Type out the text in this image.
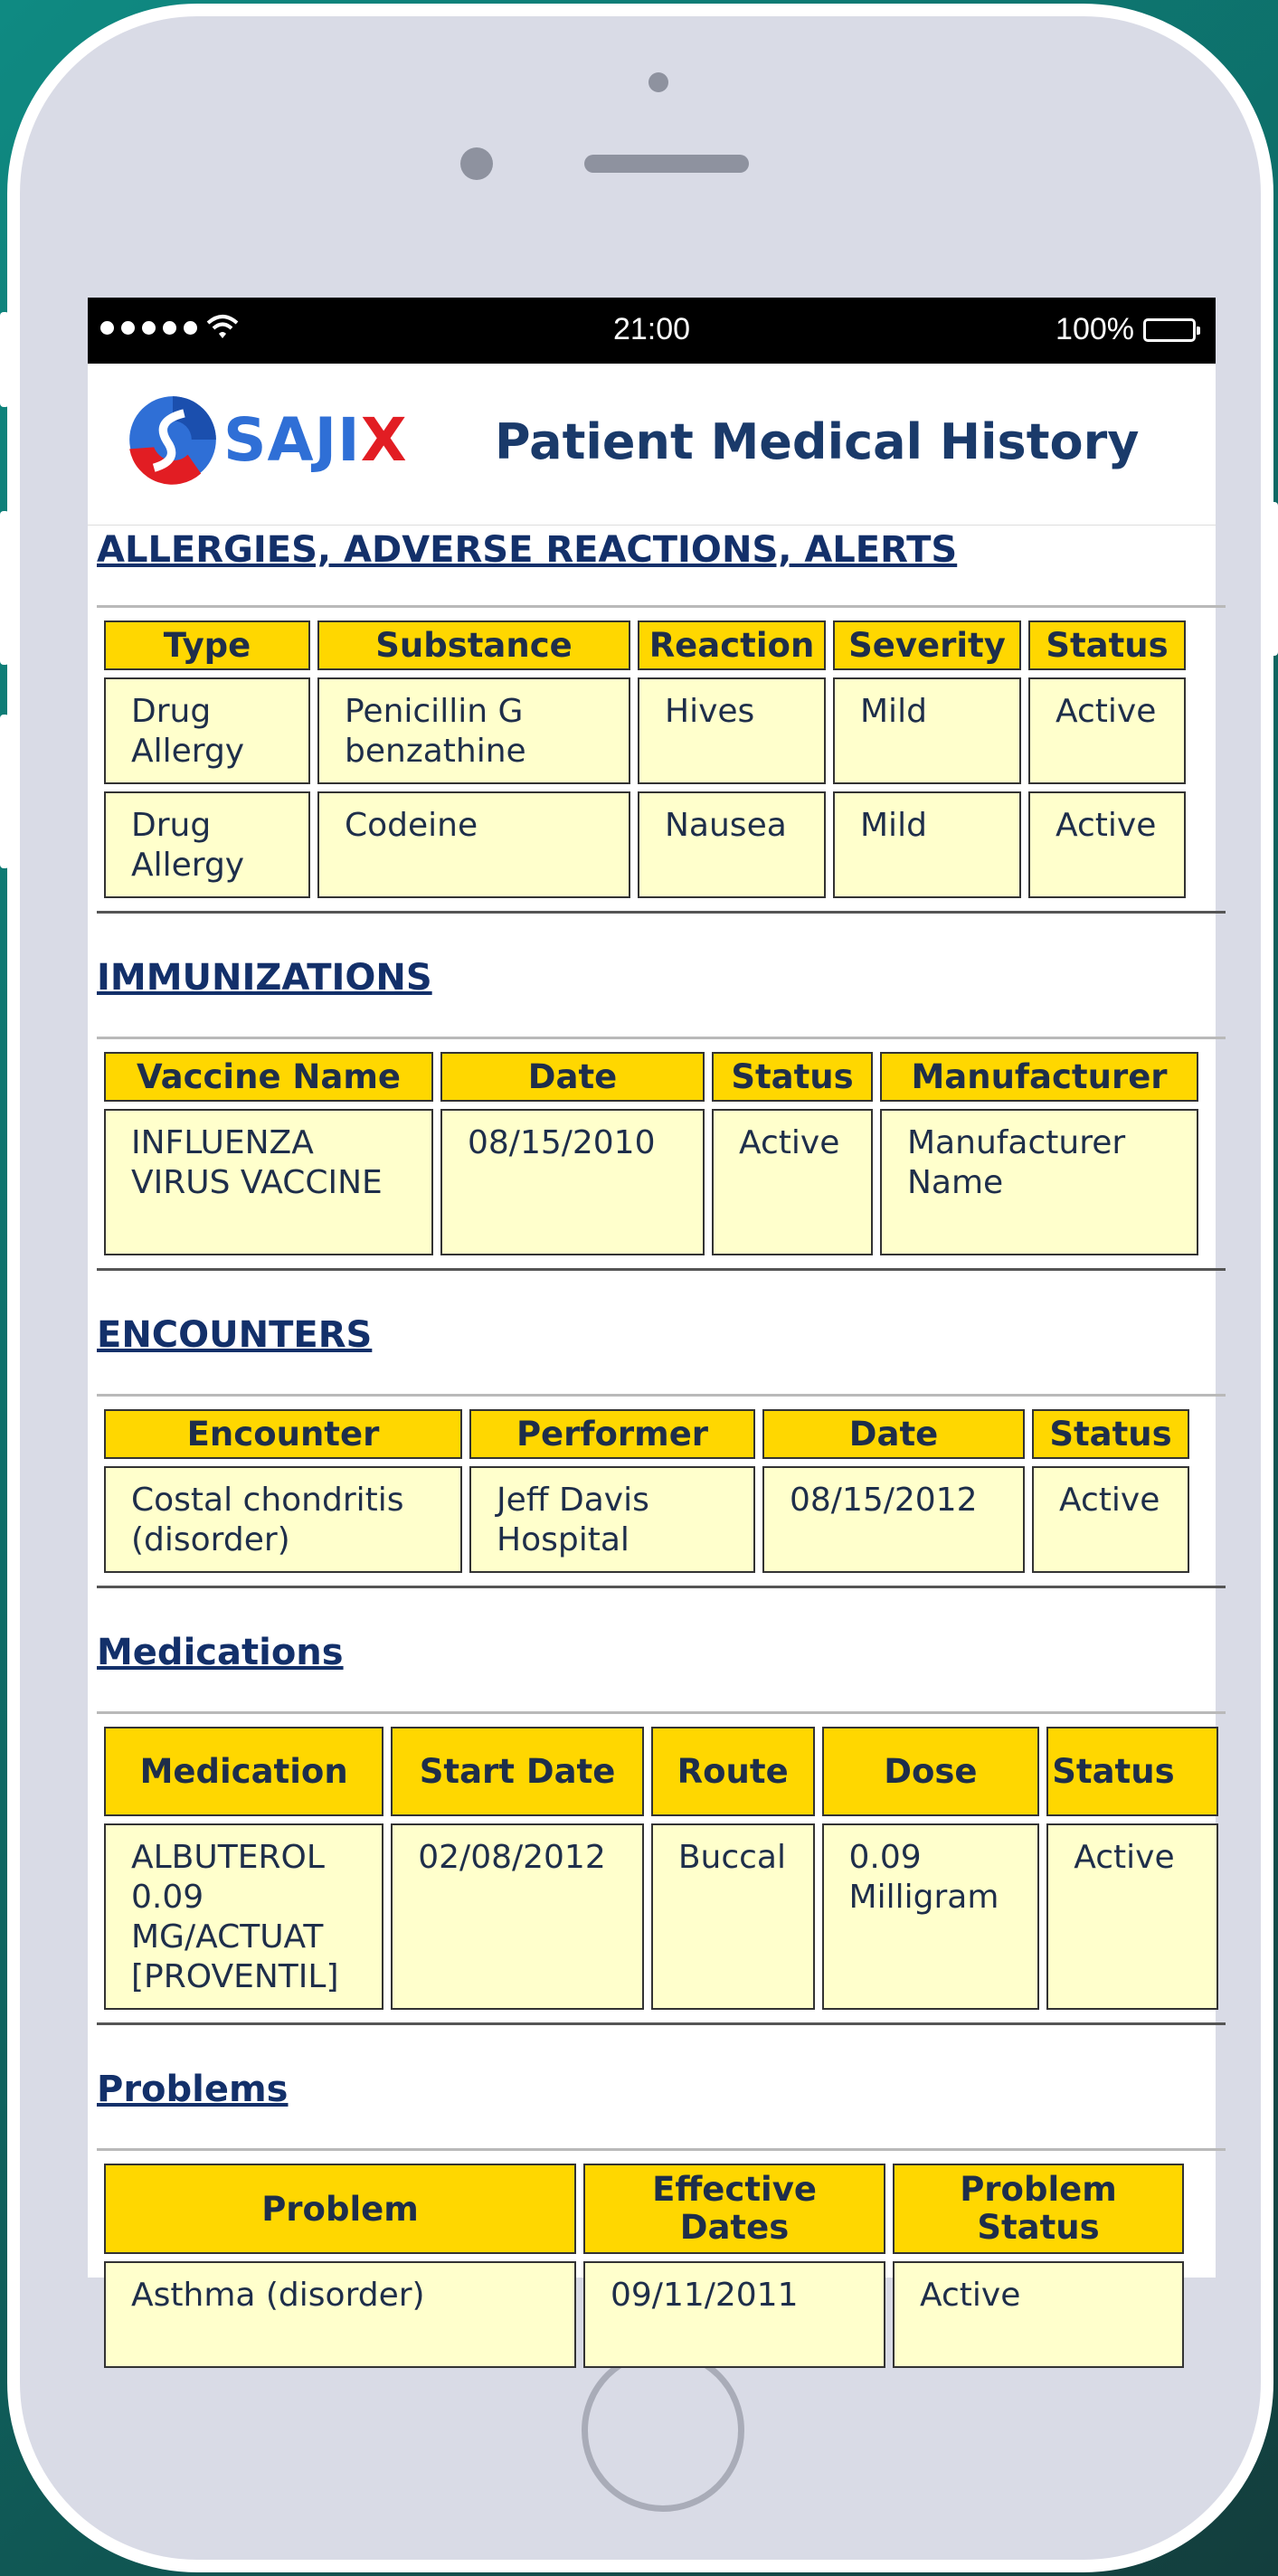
21:00	100%
SAJIX Patient Medical History
ALLERGIES, ADVERSE REACTIONS, ALERTS
Type	Substance	Reaction	Severity	Status
Drug Allergy	Penicillin G benzathine	Hives	Mild	Active
Drug Allergy	Codeine	Nausea	Mild	Active
IMMUNIZATIONS
Vaccine Name	Date	Status	Manufacturer
INFLUENZA VIRUS VACCINE	08/15/2010	Active	Manufacturer Name
ENCOUNTERS
Encounter	Performer	Date	Status
Costal chondritis (disorder)	Jeff Davis Hospital	08/15/2012	Active
Medications
Medication	Start Date	Route	Dose	Status
ALBUTEROL 0.09 MG/ACTUAT [PROVENTIL]	02/08/2012	Buccal	0.09 Milligram	Active
Problems
Problem	Effective Dates	Problem Status
Asthma (disorder)	09/11/2011	Active
